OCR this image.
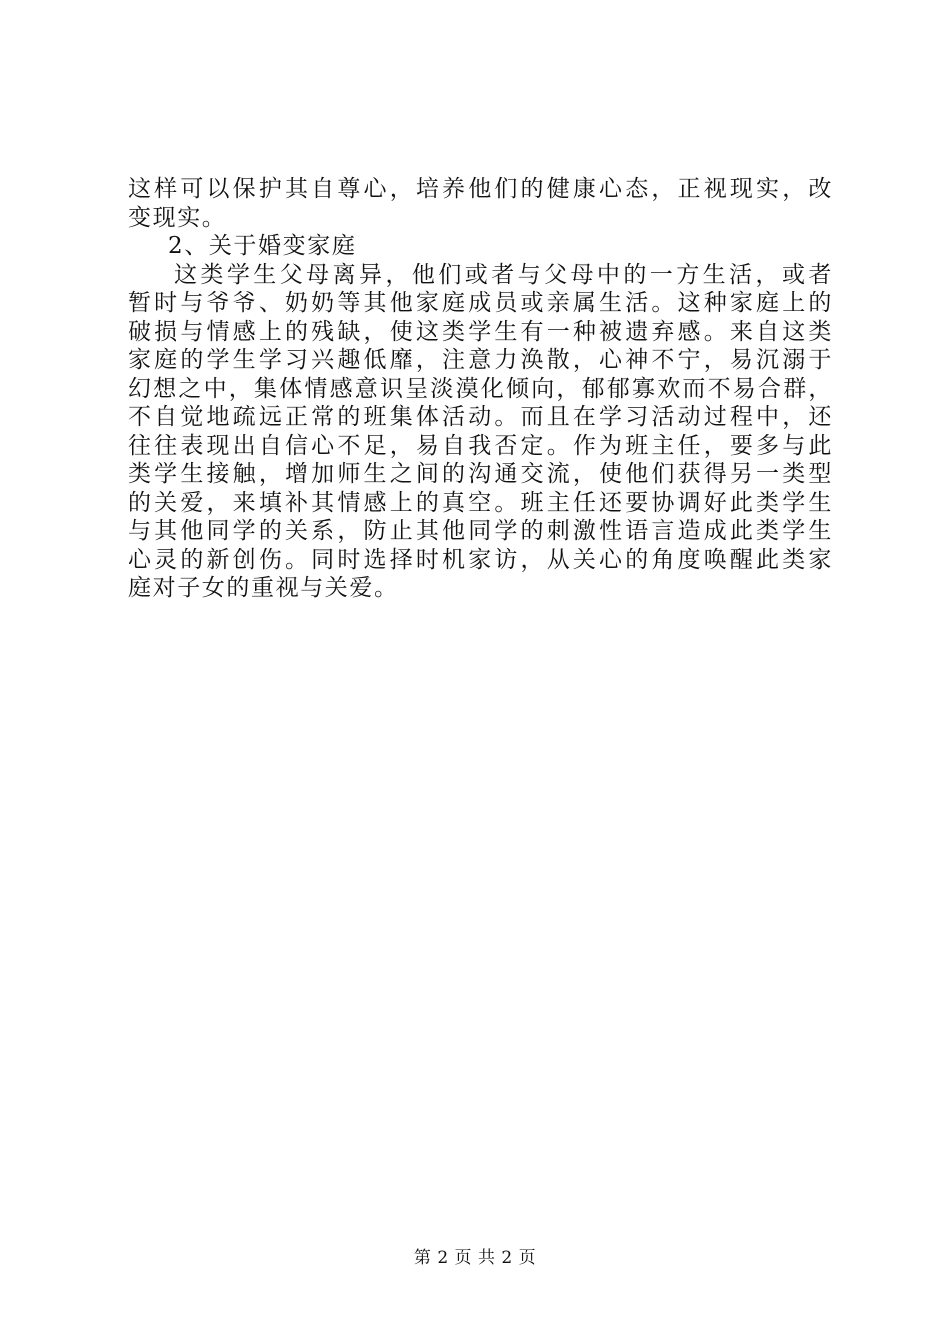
这样可以保护其自尊心，培养他们的健康心态，正视现实，改
变现实。
2、关于婚变家庭
这类学生父母离异，他们或者与父母中的一方生活，或者
暂时与爷爷、奶奶等其他家庭成员或亲属生活。这种家庭上的
破损与情感上的残缺，使这类学生有一种被遗弃感。来自这类
家庭的学生学习兴趣低靡，注意力涣散，心神不宁，易沉溺于
幻想之中，集体情感意识呈淡漠化倾向，郁郁寡欢而不易合群，
不自觉地疏远正常的班集体活动。而且在学习活动过程中，还
往往表现出自信心不足，易自我否定。作为班主任，要多与此
类学生接触，增加师生之间的沟通交流，使他们获得另一类型
的关爱，来填补其情感上的真空。班主任还要协调好此类学生
与其他同学的关系，防止其他同学的刺激性语言造成此类学生
心灵的新创伤。同时选择时机家访，从关心的角度唤醒此类家
庭对子女的重视与关爱。
第 2 页 共 2 页
